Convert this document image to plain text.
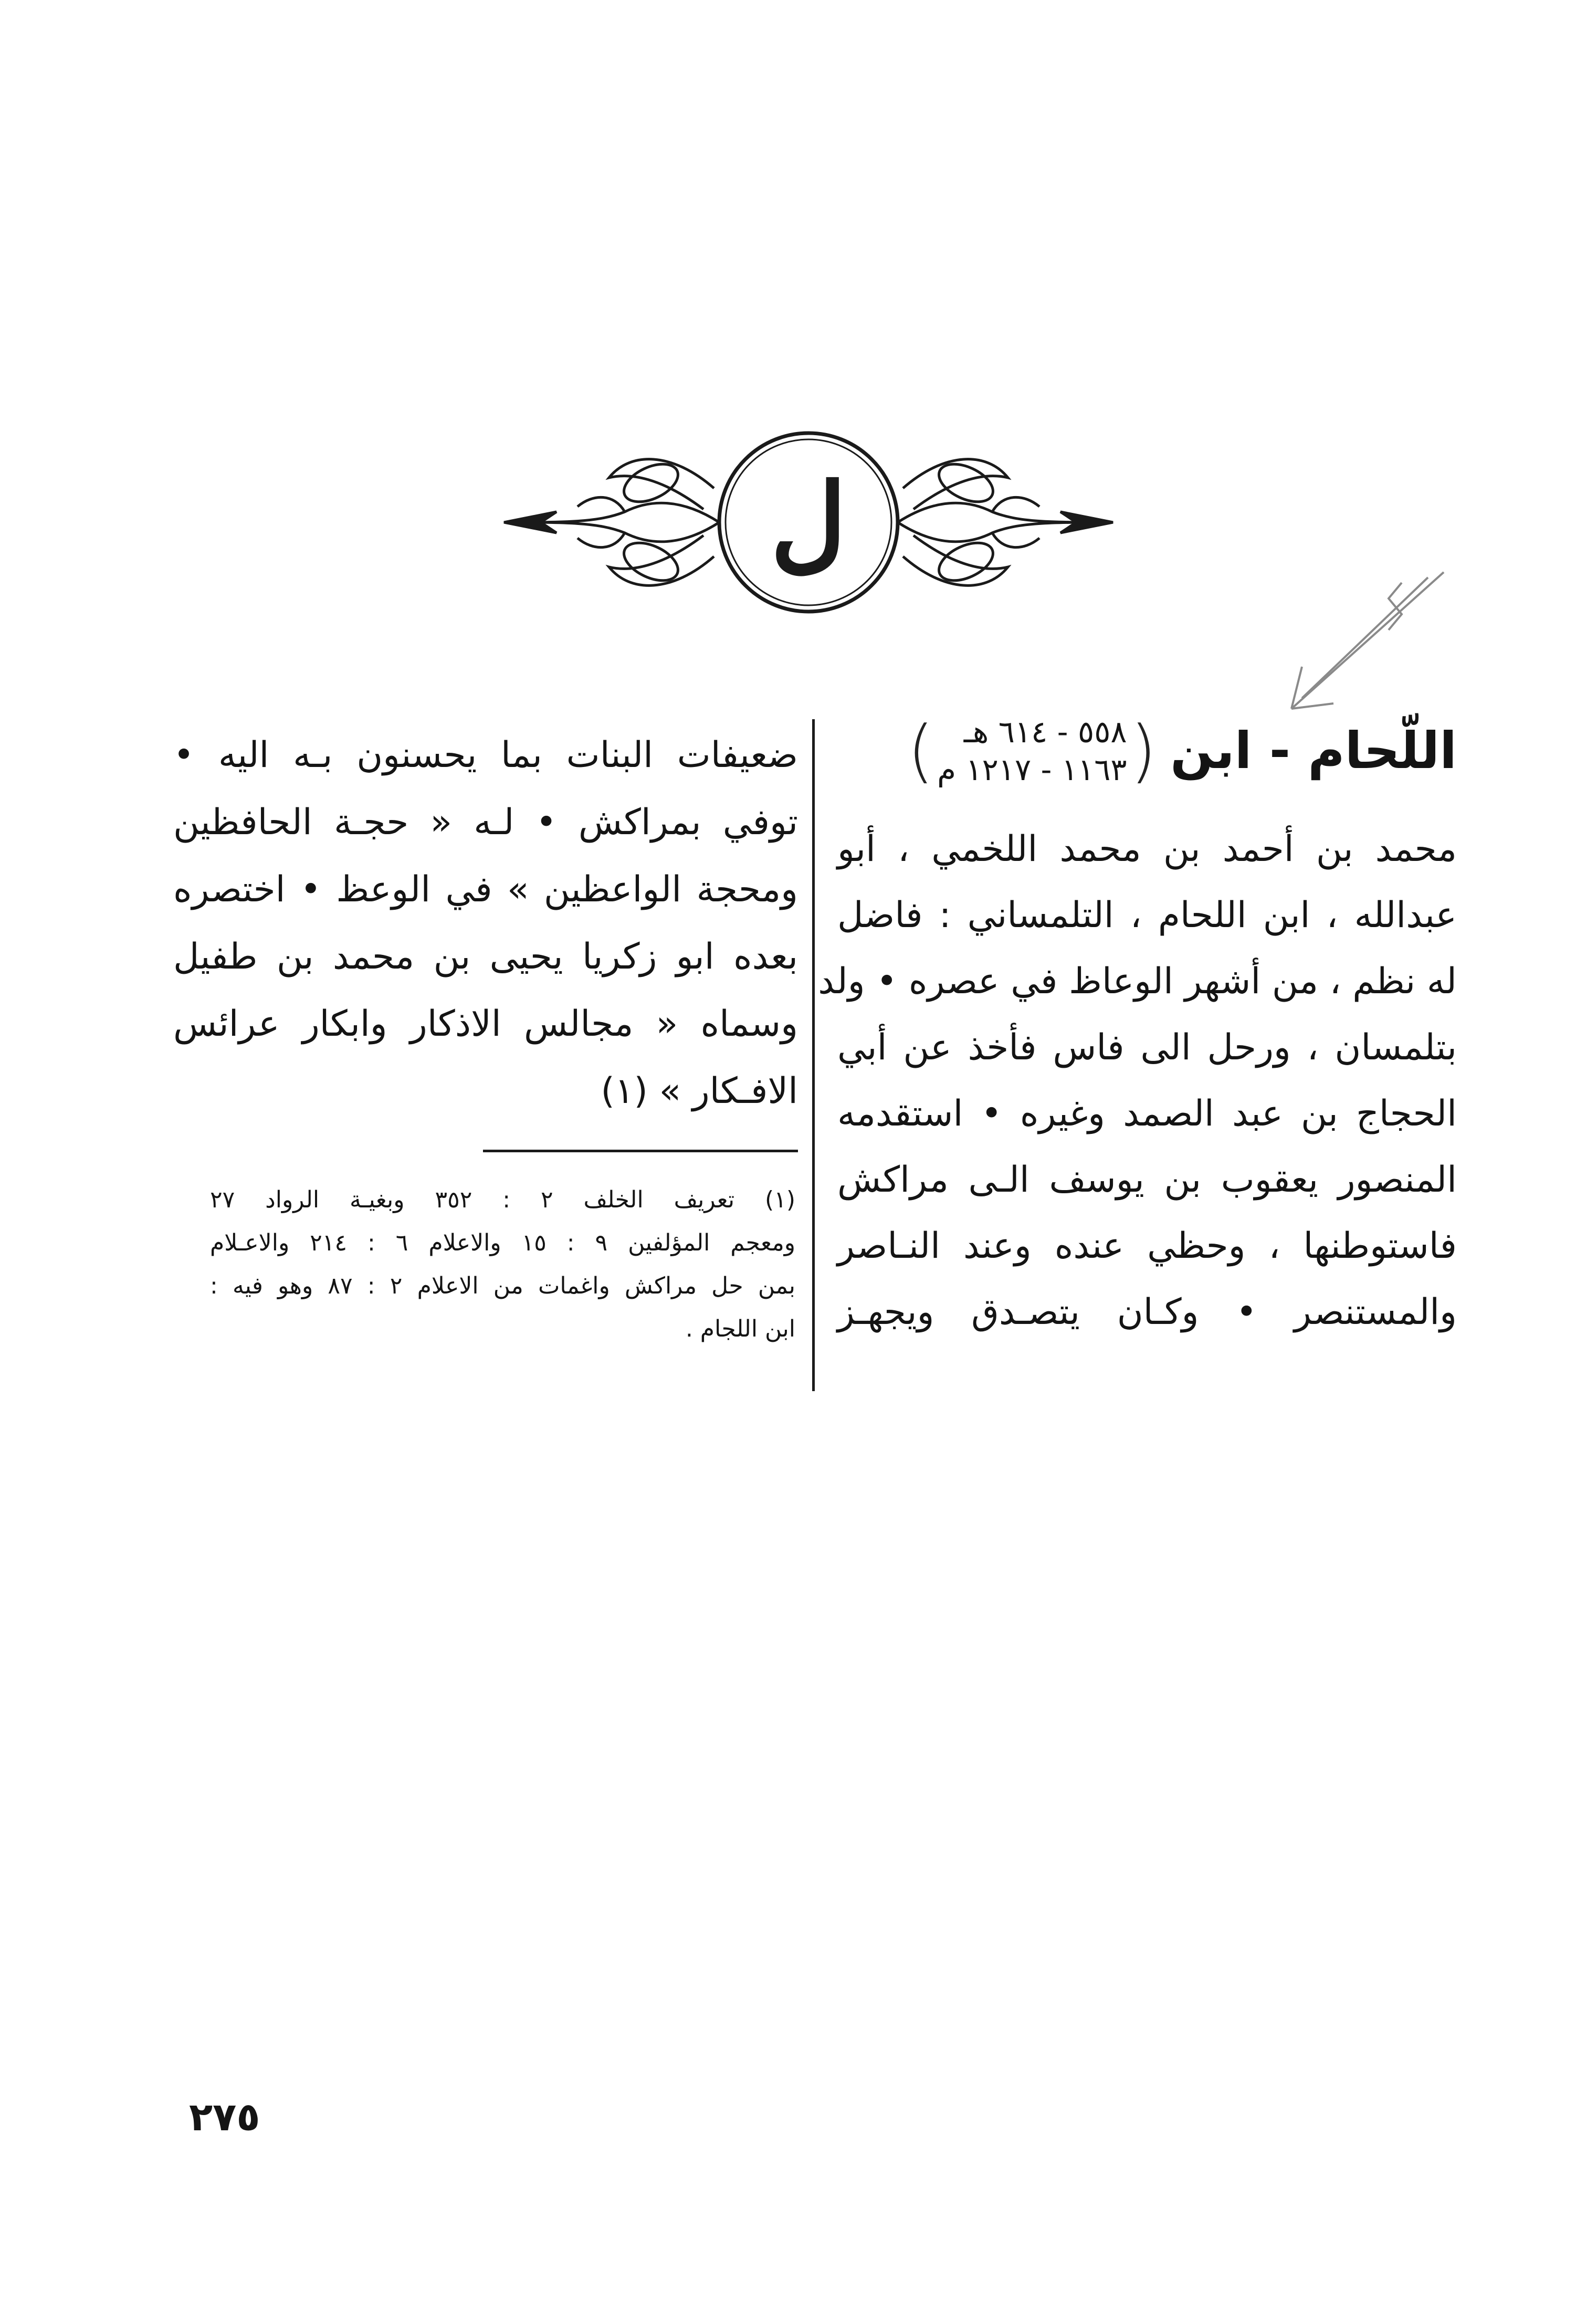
ل
اللّحام - ابن
(
٥٥٨ - ٦١٤ هـ
١١٦٣ - ١٢١٧ م
)
محمد بن أحمد بن محمد اللخمي ، أبو
عبدالله ، ابن اللحام ، التلمساني : فاضل
له نظم ، من أشهر الوعاظ في عصره • ولد
بتلمسان ، ورحل الى فاس فأخذ عن أبي
الحجاج بن عبد الصمد وغيره • استقدمه
المنصور يعقوب بن يوسف الـى مراكش
فاستوطنها ، وحظي عنده وعند النـاصر
والمستنصر • وكـان يتصـدق ويجهـز
ضعيفات البنات بما يحسنون بـه اليه •
توفي بمراكش • لـه « حجـة الحافظين
ومحجة الواعظين » في الوعظ • اختصره
بعده ابو زكريا يحيى بن محمد بن طفيل
وسماه « مجالس الاذكار وابكار عرائس
الافـكار » (١)
(١) تعريف الخلف ٢ : ٣٥٢ وبغيـة الرواد ٢٧
ومعجم المؤلفين ٩ : ١٥ والاعلام ٦ : ٢١٤ والاعـلام
بمن حل مراكش واغمات من الاعلام ٢ : ٨٧ وهو فيه :
ابن اللجام .
٢٧٥
